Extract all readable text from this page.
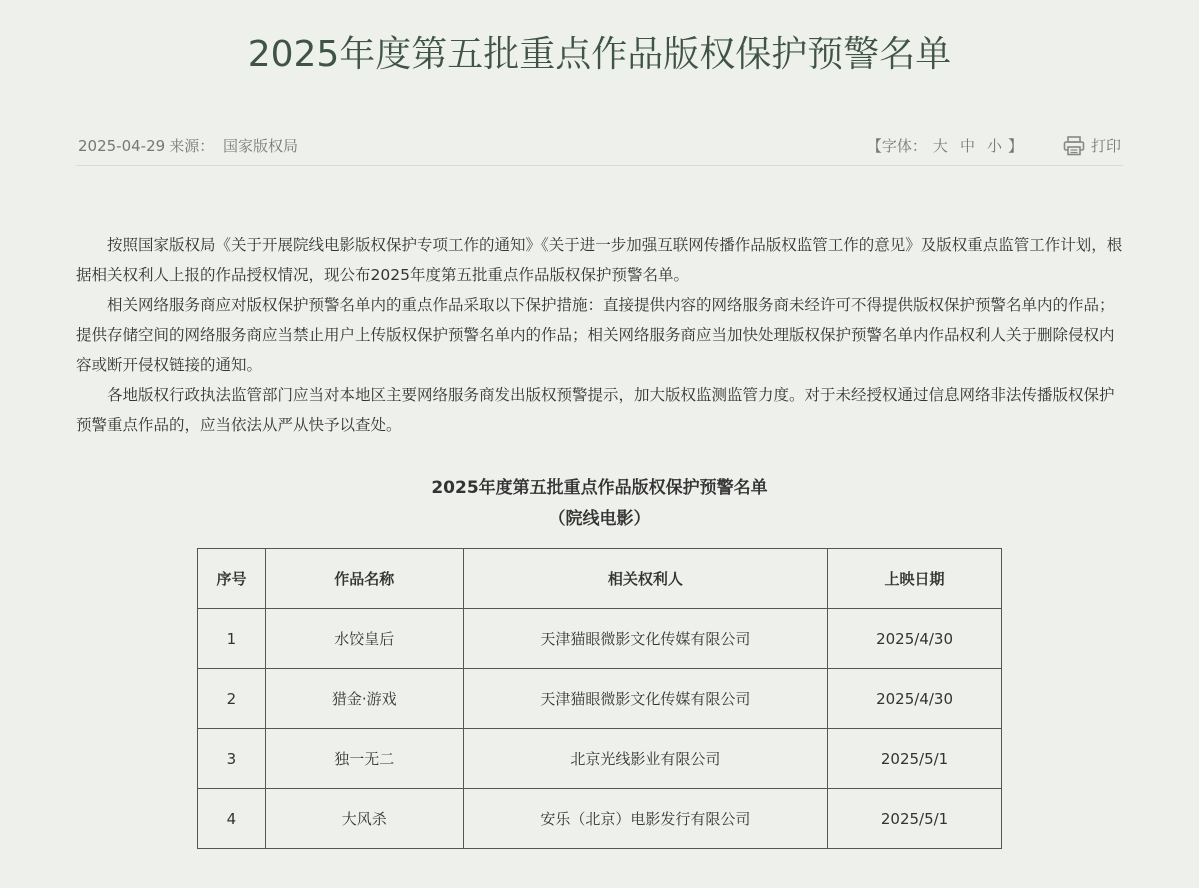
2025年度第五批重点作品版权保护预警名单
2025-04-29 来源： 国家版权局	【字体： 大 中 小 】	打印

按照国家版权局《关于开展院线电影版权保护专项工作的通知》《关于进一步加强互联网传播作品版权监管工作的意见》及版权重点监管工作计划，根据相关权利人上报的作品授权情况，现公布2025年度第五批重点作品版权保护预警名单。

相关网络服务商应对版权保护预警名单内的重点作品采取以下保护措施：直接提供内容的网络服务商未经许可不得提供版权保护预警名单内的作品；提供存储空间的网络服务商应当禁止用户上传版权保护预警名单内的作品；相关网络服务商应当加快处理版权保护预警名单内作品权利人关于删除侵权内容或断开侵权链接的通知。

各地版权行政执法监管部门应当对本地区主要网络服务商发出版权预警提示，加大版权监测监管力度。对于未经授权通过信息网络非法传播版权保护预警重点作品的，应当依法从严从快予以查处。

2025年度第五批重点作品版权保护预警名单
（院线电影）
序号	作品名称	相关权利人	上映日期
1	水饺皇后	天津猫眼微影文化传媒有限公司	2025/4/30
2	猎金·游戏	天津猫眼微影文化传媒有限公司	2025/4/30
3	独一无二	北京光线影业有限公司	2025/5/1
4	大风杀	安乐（北京）电影发行有限公司	2025/5/1
